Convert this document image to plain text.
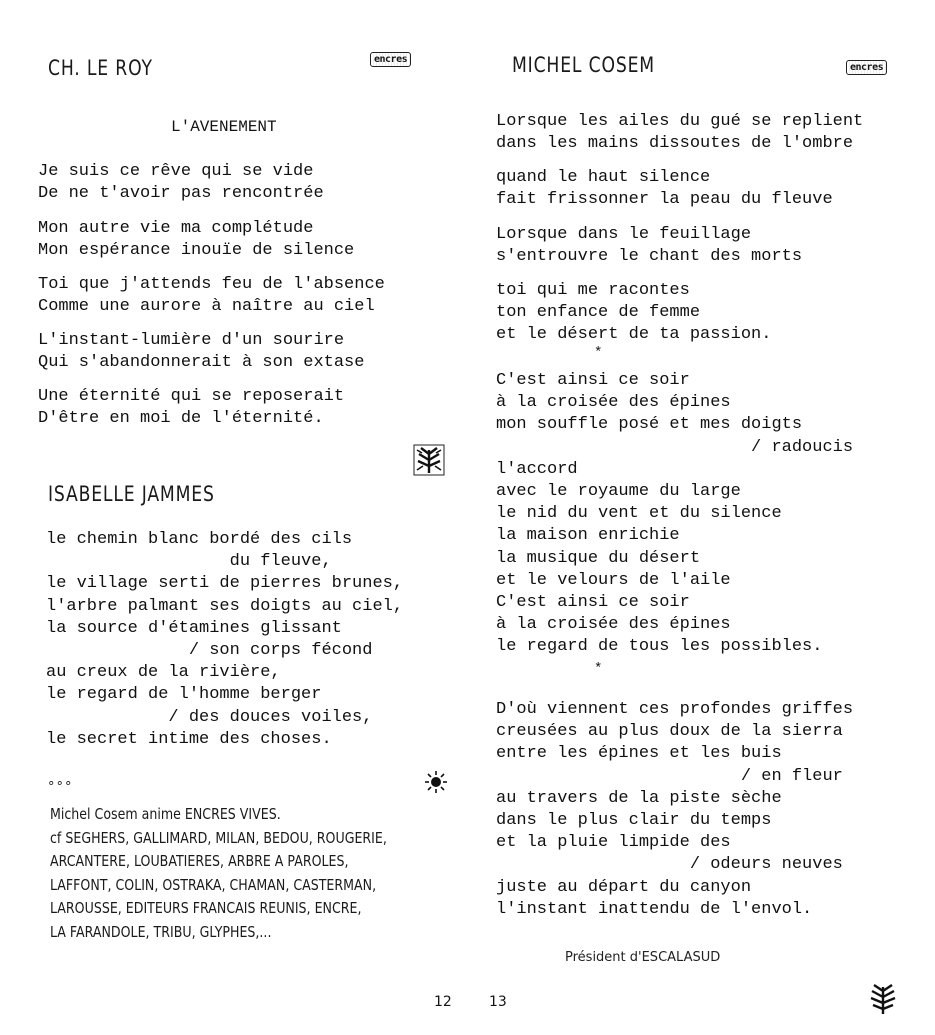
CH. LE ROY	encres
L'AVENEMENT
Je suis ce rêve qui se vide
De ne t'avoir pas rencontrée
Mon autre vie ma complétude
Mon espérance inouïe de silence
Toi que j'attends feu de l'absence
Comme une aurore à naître au ciel
L'instant-lumière d'un sourire
Qui s'abandonnerait à son extase
Une éternité qui se reposerait
D'être en moi de l'éternité.
ISABELLE JAMMES
le chemin blanc bordé des cils
du fleuve,
le village serti de pierres brunes,
l'arbre palmant ses doigts au ciel,
la source d'étamines glissant
/ son corps fécond
au creux de la rivière,
le regard de l'homme berger
/ des douces voiles,
le secret intime des choses.
°°°
Michel Cosem anime ENCRES VIVES.
cf SEGHERS, GALLIMARD, MILAN, BEDOU, ROUGERIE,
ARCANTERE, LOUBATIERES, ARBRE A PAROLES,
LAFFONT, COLIN, OSTRAKA, CHAMAN, CASTERMAN,
LAROUSSE, EDITEURS FRANCAIS REUNIS, ENCRE,
LA FARANDOLE, TRIBU, GLYPHES,...
12
MICHEL COSEM	encres
Lorsque les ailes du gué se replient
dans les mains dissoutes de l'ombre
quand le haut silence
fait frissonner la peau du fleuve
Lorsque dans le feuillage
s'entrouvre le chant des morts
toi qui me racontes
ton enfance de femme
et le désert de ta passion.
*
C'est ainsi ce soir
à la croisée des épines
mon souffle posé et mes doigts
/ radoucis
l'accord
avec le royaume du large
le nid du vent et du silence
la maison enrichie
la musique du désert
et le velours de l'aile
C'est ainsi ce soir
à la croisée des épines
le regard de tous les possibles.
*
D'où viennent ces profondes griffes
creusées au plus doux de la sierra
entre les épines et les buis
/ en fleur
au travers de la piste sèche
dans le plus clair du temps
et la pluie limpide des
/ odeurs neuves
juste au départ du canyon
l'instant inattendu de l'envol.
Président d'ESCALASUD
13
